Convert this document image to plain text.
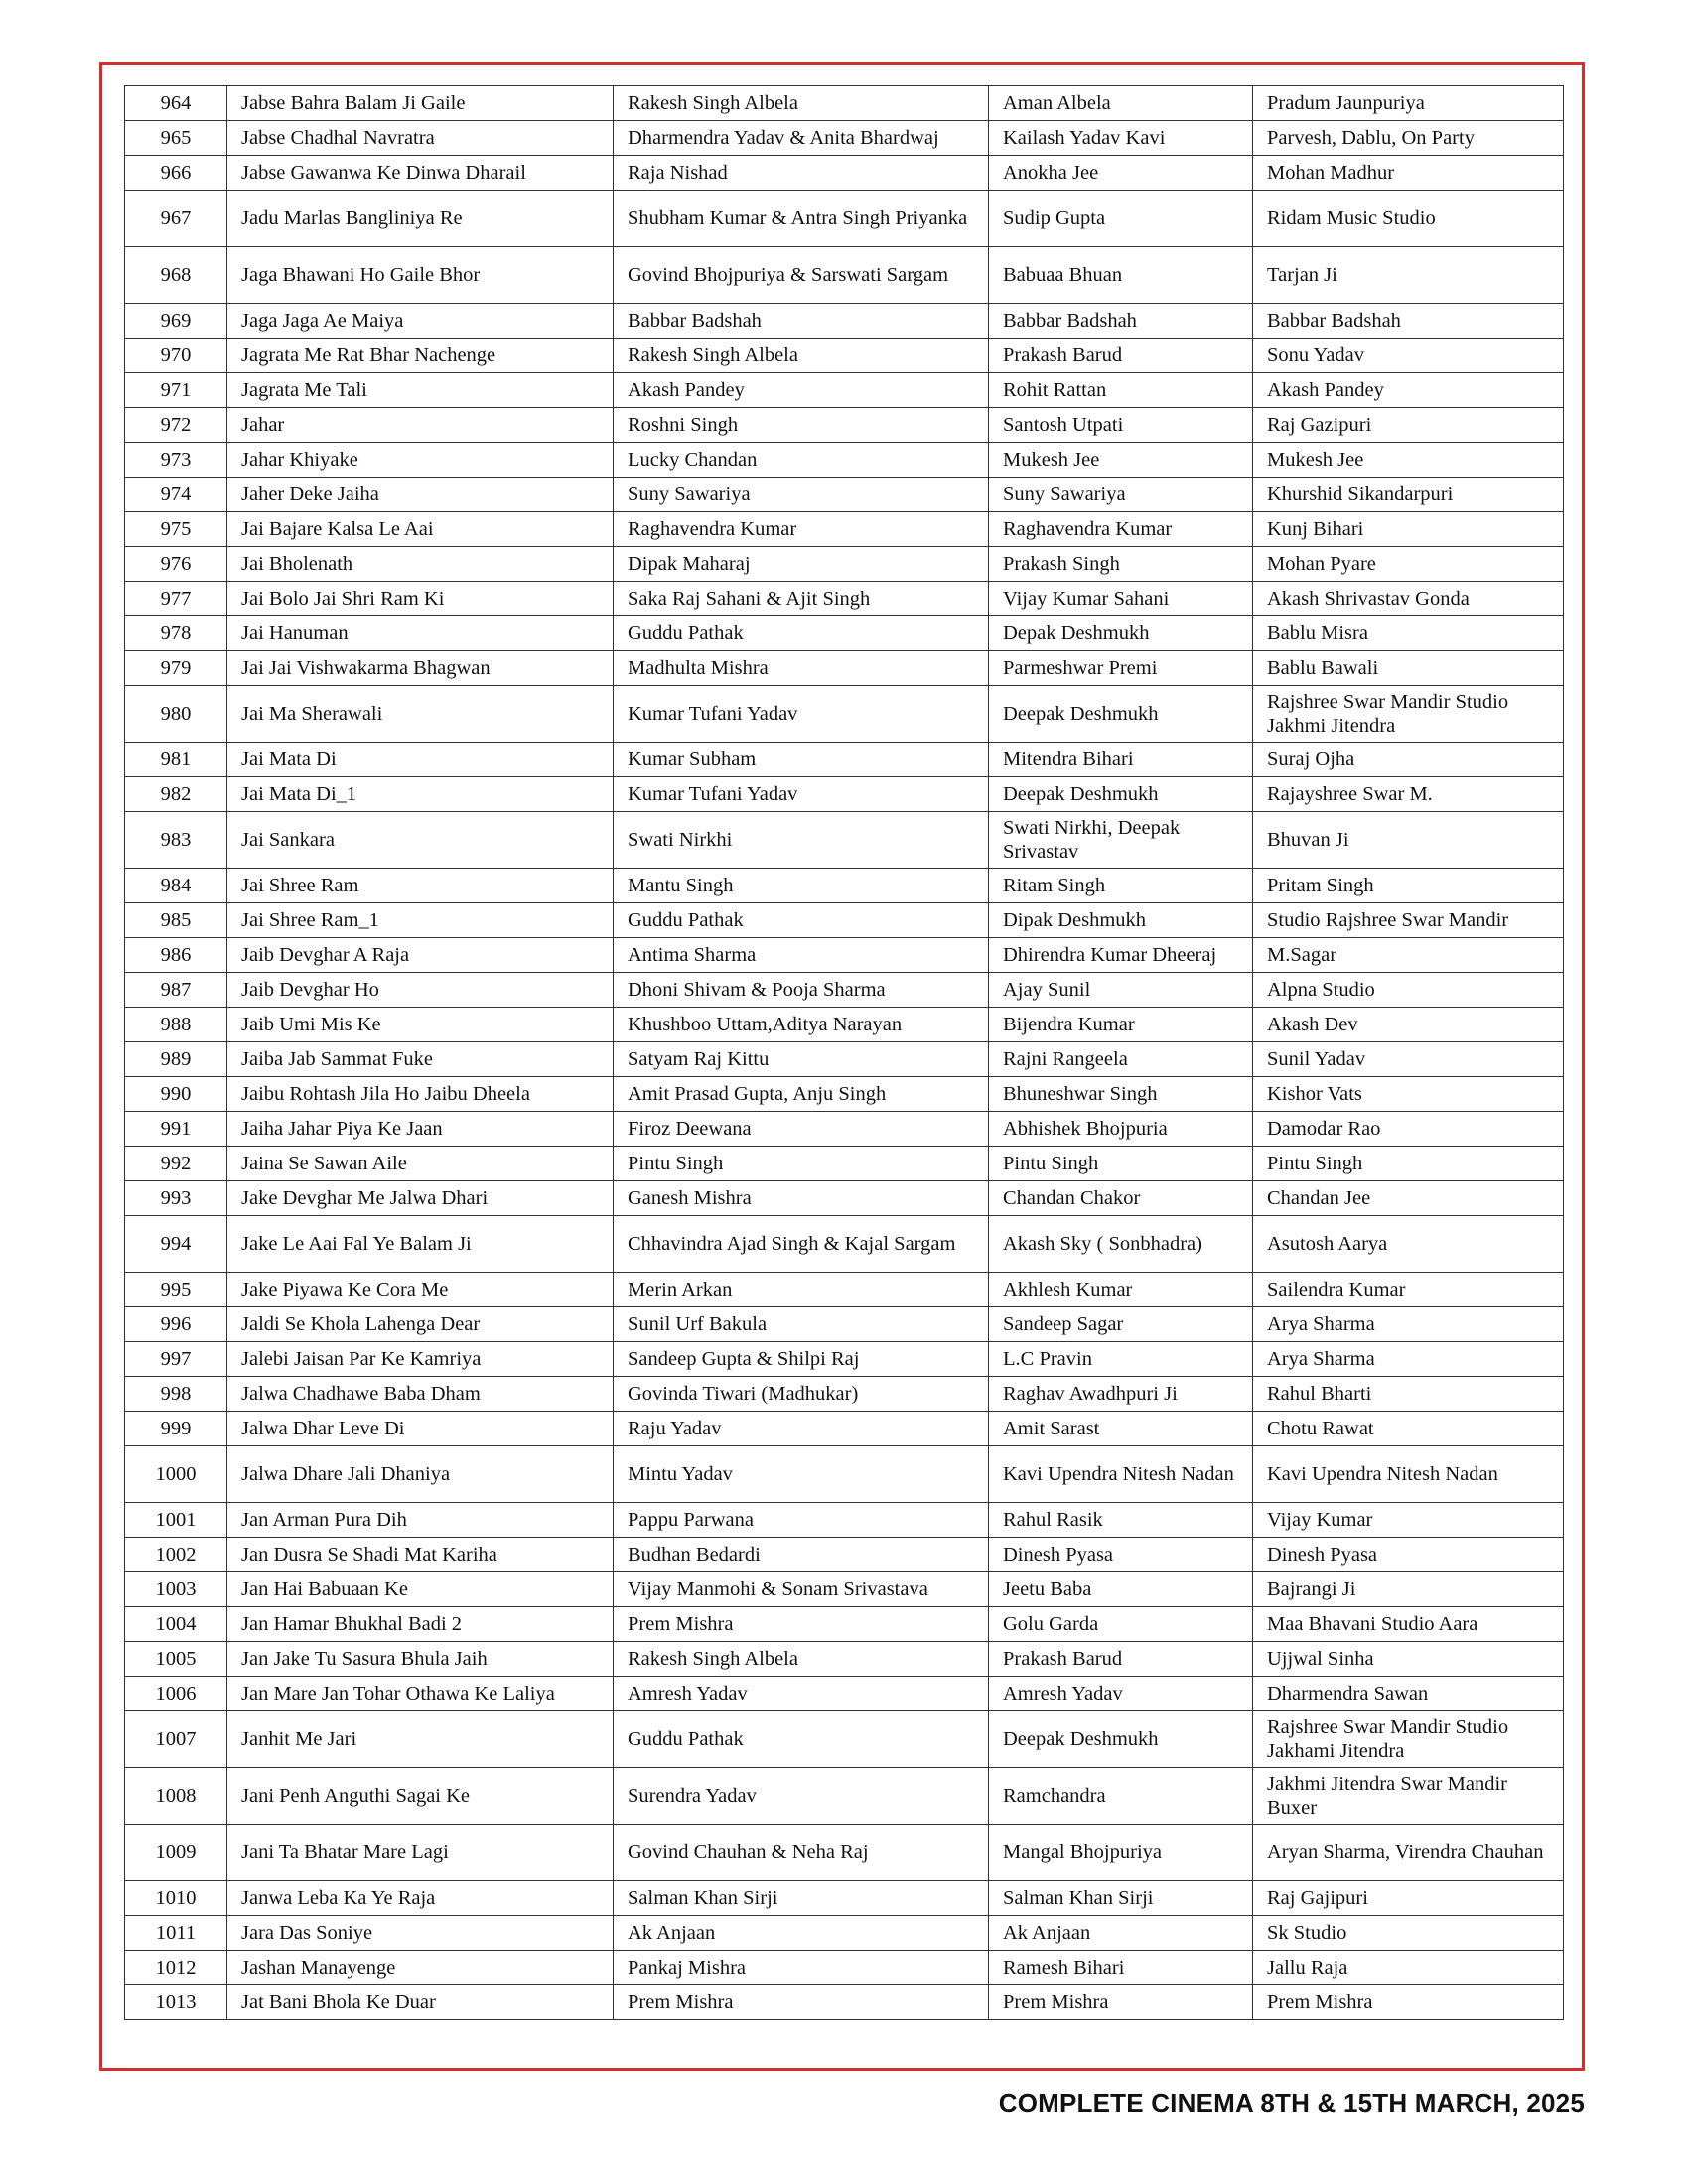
964	Jabse Bahra Balam Ji Gaile	Rakesh Singh Albela	Aman Albela	Pradum Jaunpuriya
965	Jabse Chadhal Navratra	Dharmendra Yadav & Anita Bhardwaj	Kailash Yadav Kavi	Parvesh, Dablu, On Party
966	Jabse Gawanwa Ke Dinwa Dharail	Raja Nishad	Anokha Jee	Mohan Madhur
967	Jadu Marlas Bangliniya Re	Shubham Kumar & Antra Singh Priyanka	Sudip Gupta	Ridam Music Studio
968	Jaga Bhawani Ho Gaile Bhor	Govind Bhojpuriya & Sarswati Sargam	Babuaa Bhuan	Tarjan Ji
969	Jaga Jaga Ae Maiya	Babbar Badshah	Babbar Badshah	Babbar Badshah
970	Jagrata Me Rat Bhar Nachenge	Rakesh Singh Albela	Prakash Barud	Sonu Yadav
971	Jagrata Me Tali	Akash Pandey	Rohit Rattan	Akash Pandey
972	Jahar	Roshni Singh	Santosh Utpati	Raj Gazipuri
973	Jahar Khiyake	Lucky Chandan	Mukesh Jee	Mukesh Jee
974	Jaher Deke Jaiha	Suny Sawariya	Suny Sawariya	Khurshid Sikandarpuri
975	Jai Bajare Kalsa Le Aai	Raghavendra Kumar	Raghavendra Kumar	Kunj Bihari
976	Jai Bholenath	Dipak Maharaj	Prakash Singh	Mohan Pyare
977	Jai Bolo Jai Shri Ram Ki	Saka Raj Sahani & Ajit Singh	Vijay Kumar Sahani	Akash Shrivastav Gonda
978	Jai Hanuman	Guddu Pathak	Depak Deshmukh	Bablu Misra
979	Jai Jai Vishwakarma Bhagwan	Madhulta Mishra	Parmeshwar Premi	Bablu Bawali
980	Jai Ma Sherawali	Kumar Tufani Yadav	Deepak Deshmukh	Rajshree Swar Mandir Studio Jakhmi Jitendra
981	Jai Mata Di	Kumar Subham	Mitendra Bihari	Suraj Ojha
982	Jai Mata Di_1	Kumar Tufani Yadav	Deepak Deshmukh	Rajayshree Swar M.
983	Jai Sankara	Swati Nirkhi	Swati Nirkhi, Deepak Srivastav	Bhuvan Ji
984	Jai Shree Ram	Mantu Singh	Ritam Singh	Pritam Singh
985	Jai Shree Ram_1	Guddu Pathak	Dipak Deshmukh	Studio Rajshree Swar Mandir
986	Jaib Devghar A Raja	Antima Sharma	Dhirendra Kumar Dheeraj	M.Sagar
987	Jaib Devghar Ho	Dhoni Shivam & Pooja Sharma	Ajay Sunil	Alpna Studio
988	Jaib Umi Mis Ke	Khushboo Uttam,Aditya Narayan	Bijendra Kumar	Akash Dev
989	Jaiba Jab Sammat Fuke	Satyam Raj Kittu	Rajni Rangeela	Sunil Yadav
990	Jaibu Rohtash Jila Ho Jaibu Dheela	Amit Prasad Gupta, Anju Singh	Bhuneshwar Singh	Kishor Vats
991	Jaiha Jahar Piya Ke Jaan	Firoz Deewana	Abhishek Bhojpuria	Damodar Rao
992	Jaina Se Sawan Aile	Pintu Singh	Pintu Singh	Pintu Singh
993	Jake Devghar Me Jalwa Dhari	Ganesh Mishra	Chandan Chakor	Chandan Jee
994	Jake Le Aai Fal Ye Balam Ji	Chhavindra Ajad Singh & Kajal Sargam	Akash Sky ( Sonbhadra)	Asutosh Aarya
995	Jake Piyawa Ke Cora Me	Merin Arkan	Akhlesh Kumar	Sailendra Kumar
996	Jaldi Se Khola Lahenga Dear	Sunil Urf Bakula	Sandeep Sagar	Arya Sharma
997	Jalebi Jaisan Par Ke Kamriya	Sandeep Gupta & Shilpi Raj	L.C Pravin	Arya Sharma
998	Jalwa Chadhawe Baba Dham	Govinda Tiwari (Madhukar)	Raghav Awadhpuri Ji	Rahul Bharti
999	Jalwa Dhar Leve Di	Raju Yadav	Amit Sarast	Chotu Rawat
1000	Jalwa Dhare Jali Dhaniya	Mintu Yadav	Kavi Upendra Nitesh Nadan	Kavi Upendra Nitesh Nadan
1001	Jan Arman Pura Dih	Pappu Parwana	Rahul Rasik	Vijay Kumar
1002	Jan Dusra Se Shadi Mat Kariha	Budhan Bedardi	Dinesh Pyasa	Dinesh Pyasa
1003	Jan Hai Babuaan Ke	Vijay Manmohi & Sonam Srivastava	Jeetu Baba	Bajrangi Ji
1004	Jan Hamar Bhukhal Badi 2	Prem Mishra	Golu Garda	Maa Bhavani Studio Aara
1005	Jan Jake Tu Sasura Bhula Jaih	Rakesh Singh Albela	Prakash Barud	Ujjwal Sinha
1006	Jan Mare Jan Tohar Othawa Ke Laliya	Amresh Yadav	Amresh Yadav	Dharmendra Sawan
1007	Janhit Me Jari	Guddu Pathak	Deepak Deshmukh	Rajshree Swar Mandir Studio Jakhami Jitendra
1008	Jani Penh Anguthi Sagai Ke	Surendra Yadav	Ramchandra	Jakhmi Jitendra Swar Mandir Buxer
1009	Jani Ta Bhatar Mare Lagi	Govind Chauhan & Neha Raj	Mangal Bhojpuriya	Aryan Sharma, Virendra Chauhan
1010	Janwa Leba Ka Ye Raja	Salman Khan Sirji	Salman Khan Sirji	Raj Gajipuri
1011	Jara Das Soniye	Ak Anjaan	Ak Anjaan	Sk Studio
1012	Jashan Manayenge	Pankaj Mishra	Ramesh Bihari	Jallu Raja
1013	Jat Bani Bhola Ke Duar	Prem Mishra	Prem Mishra	Prem Mishra
COMPLETE CINEMA 8TH & 15TH MARCH, 2025
